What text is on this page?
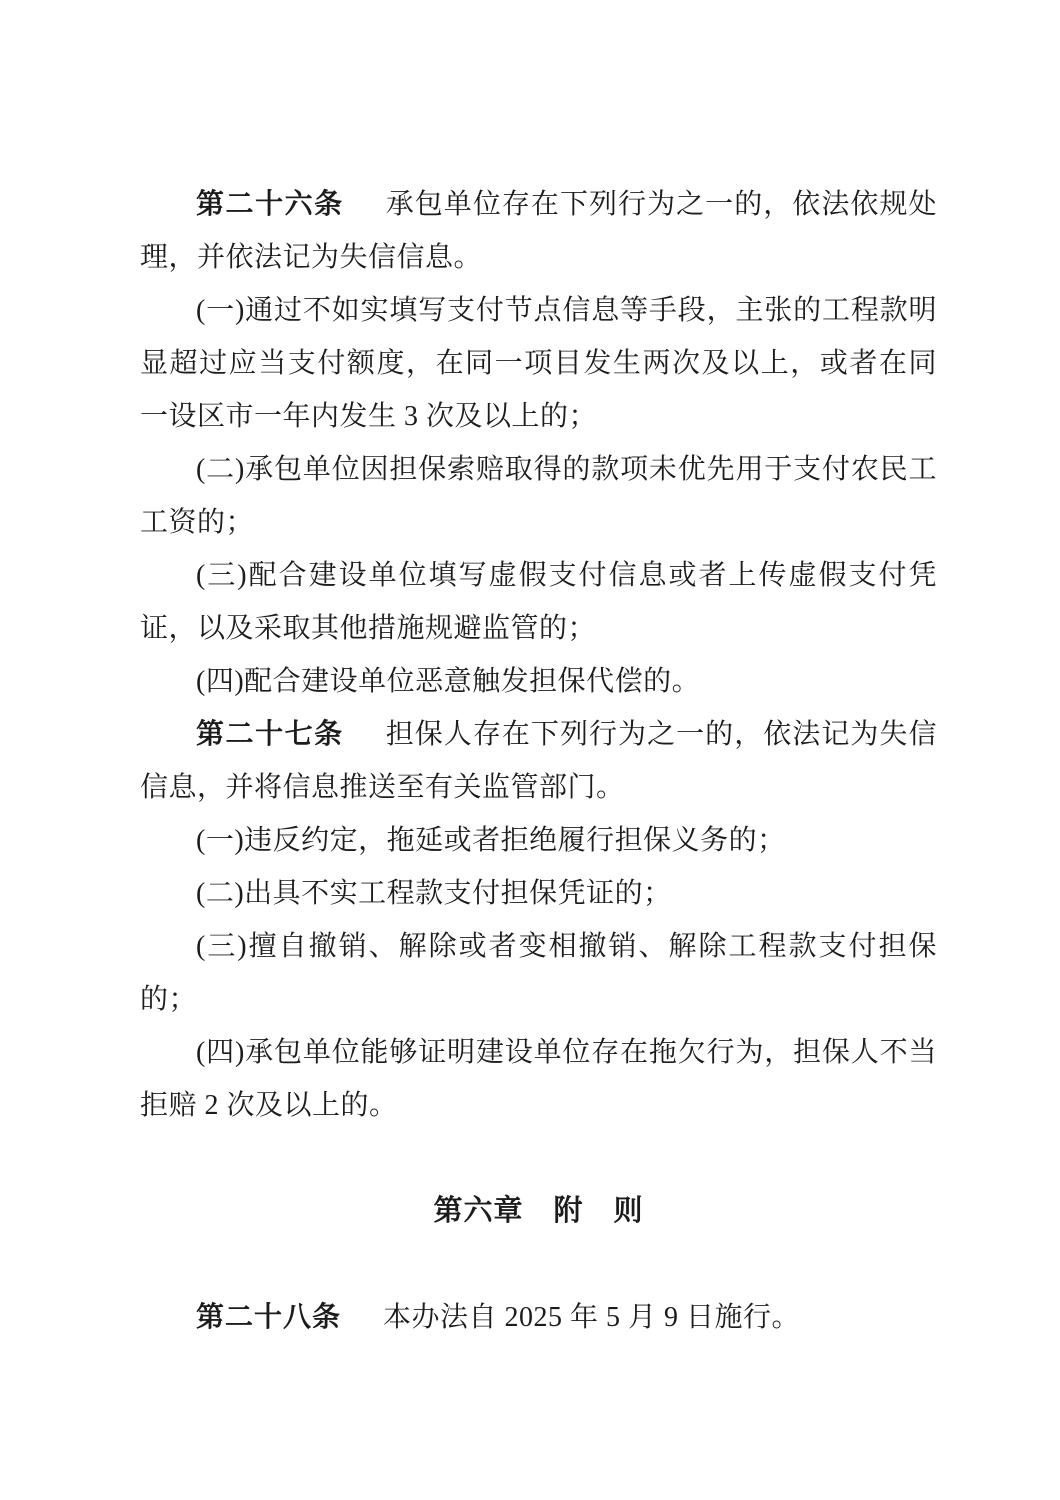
第二十六条 承包单位存在下列行为之一的，依法依规处理，并依法记为失信信息。

(一)通过不如实填写支付节点信息等手段，主张的工程款明显超过应当支付额度，在同一项目发生两次及以上，或者在同一设区市一年内发生 3 次及以上的；

(二)承包单位因担保索赔取得的款项未优先用于支付农民工工资的；

(三)配合建设单位填写虚假支付信息或者上传虚假支付凭证，以及采取其他措施规避监管的；

(四)配合建设单位恶意触发担保代偿的。

第二十七条 担保人存在下列行为之一的，依法记为失信信息，并将信息推送至有关监管部门。

(一)违反约定，拖延或者拒绝履行担保义务的；

(二)出具不实工程款支付担保凭证的；

(三)擅自撤销、解除或者变相撤销、解除工程款支付担保的；

(四)承包单位能够证明建设单位存在拖欠行为，担保人不当拒赔 2 次及以上的。

第六章　附　则

第二十八条 本办法自 2025 年 5 月 9 日施行。
